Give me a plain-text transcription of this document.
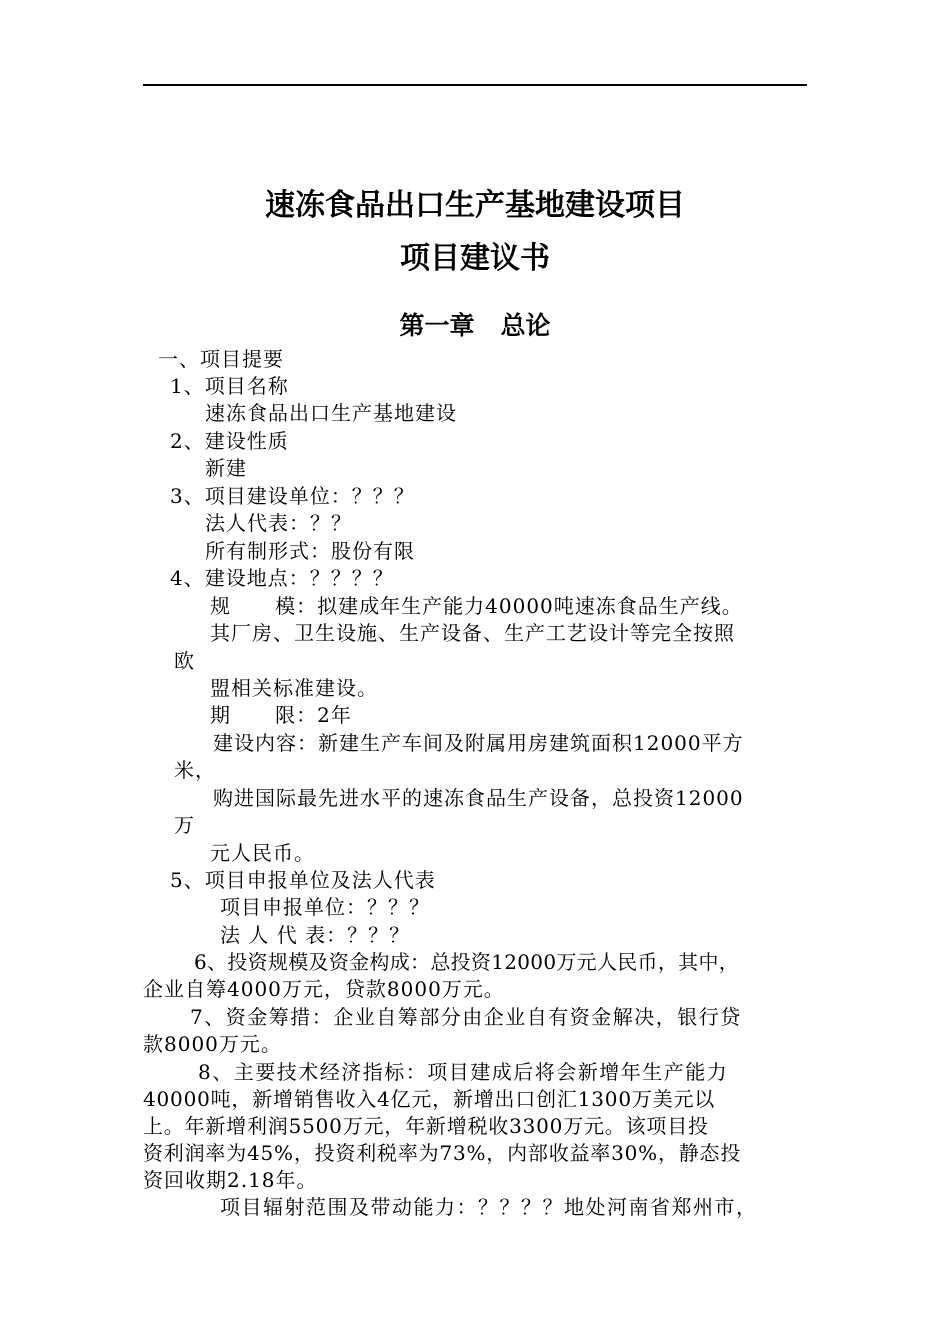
速冻食品出口生产基地建设项目
项目建议书
第一章   总论
一、项目提要
1、项目名称
速冻食品出口生产基地建设
2、建设性质
新建
3、项目建设单位：？？？
法人代表：？？
所有制形式：股份有限
4、建设地点：？？？？
规      模：拟建成年生产能力40000吨速冻食品生产线。
其厂房、卫生设施、生产设备、生产工艺设计等完全按照
欧
盟相关标准建设。
期      限：2年
建设内容：新建生产车间及附属用房建筑面积12000平方
米，
购进国际最先进水平的速冻食品生产设备，总投资12000
万
元人民币。
5、项目申报单位及法人代表
项目申报单位：？？？
法 人 代 表：？？？
6、投资规模及资金构成：总投资12000万元人民币，其中，
企业自筹4000万元，贷款8000万元。
7、资金筹措：企业自筹部分由企业自有资金解决，银行贷
款8000万元。
8、主要技术经济指标：项目建成后将会新增年生产能力
40000吨，新增销售收入4亿元，新增出口创汇1300万美元以
上。年新增利润5500万元，年新增税收3300万元。该项目投
资利润率为45%，投资利税率为73%，内部收益率30%，静态投
资回收期2.18年。
项目辐射范围及带动能力：？？？？地处河南省郑州市，
